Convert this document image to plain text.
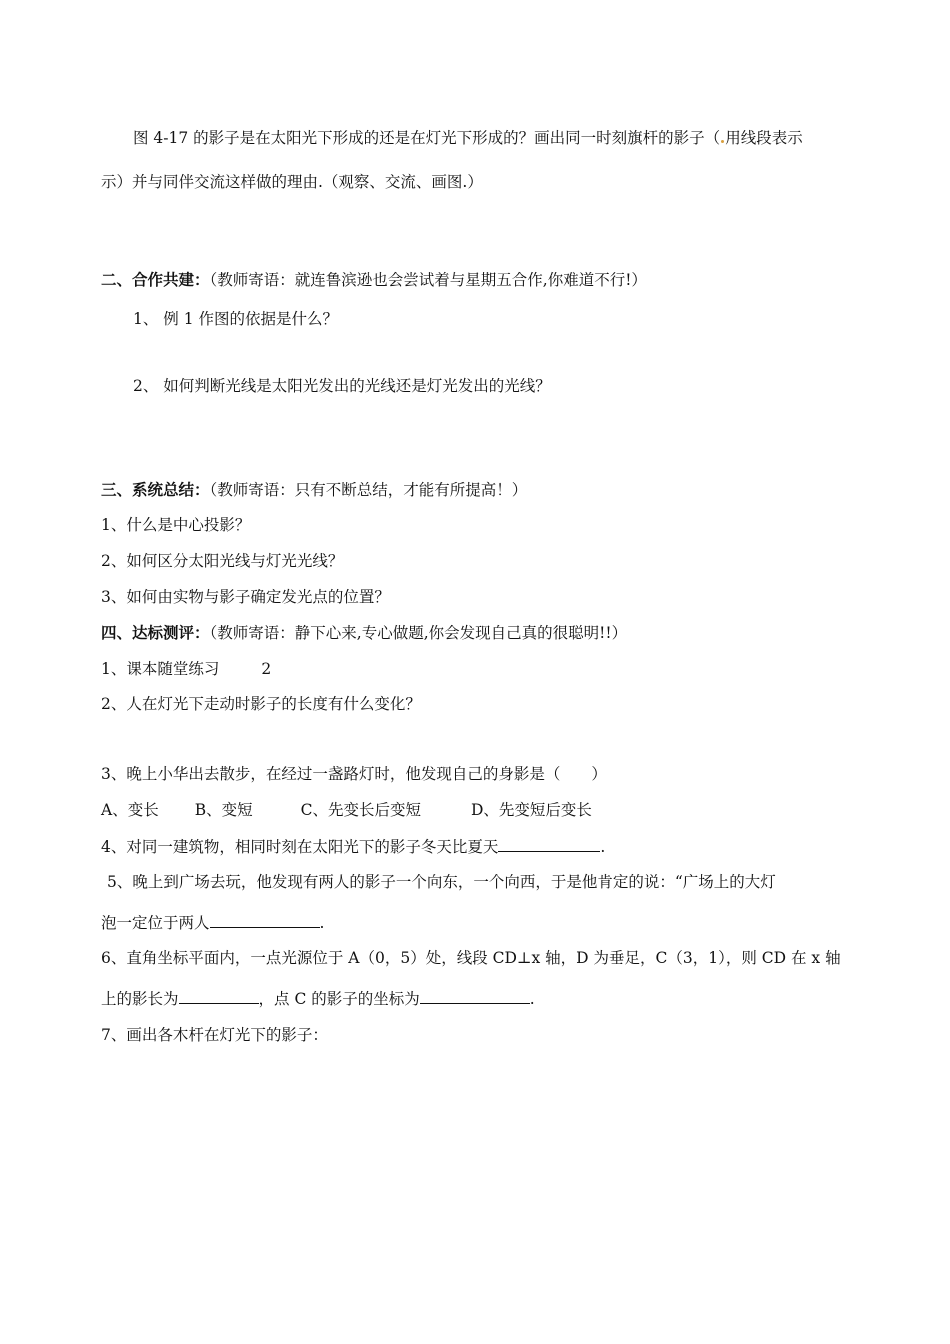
图 4-17 的影子是在太阳光下形成的还是在灯光下形成的？画出同一时刻旗杆的影子（ 用线段表示
示）并与同伴交流这样做的理由.（观察、交流、画图.）
二、合作共建：（教师寄语：就连鲁滨逊也会尝试着与星期五合作,你难道不行!）
1、 例 1 作图的依据是什么？
2、 如何判断光线是太阳光发出的光线还是灯光发出的光线？
三、系统总结：（教师寄语：只有不断总结，才能有所提高！）
1、什么是中心投影？
2、如何区分太阳光线与灯光光线？
3、如何由实物与影子确定发光点的位置？
四、达标测评：（教师寄语：静下心来,专心做题,你会发现自己真的很聪明!!）
1、课本随堂练习	2
2、人在灯光下走动时影子的长度有什么变化？
3、晚上小华出去散步，在经过一盏路灯时，他发现自己的身影是（　　）
A、变长 B、变短	C、先变长后变短	D、先变短后变长
4、对同一建筑物，相同时刻在太阳光下的影子冬天比夏天	.
5、晚上到广场去玩，他发现有两人的影子一个向东，一个向西，于是他肯定的说：“广场上的大灯
泡一定位于两人	.
6、直角坐标平面内，一点光源位于 A（0，5）处，线段 CD⊥x 轴，D 为垂足，C（3，1），则 CD 在 x 轴
上的影长为	，点 C 的影子的坐标为	.
7、画出各木杆在灯光下的影子：
